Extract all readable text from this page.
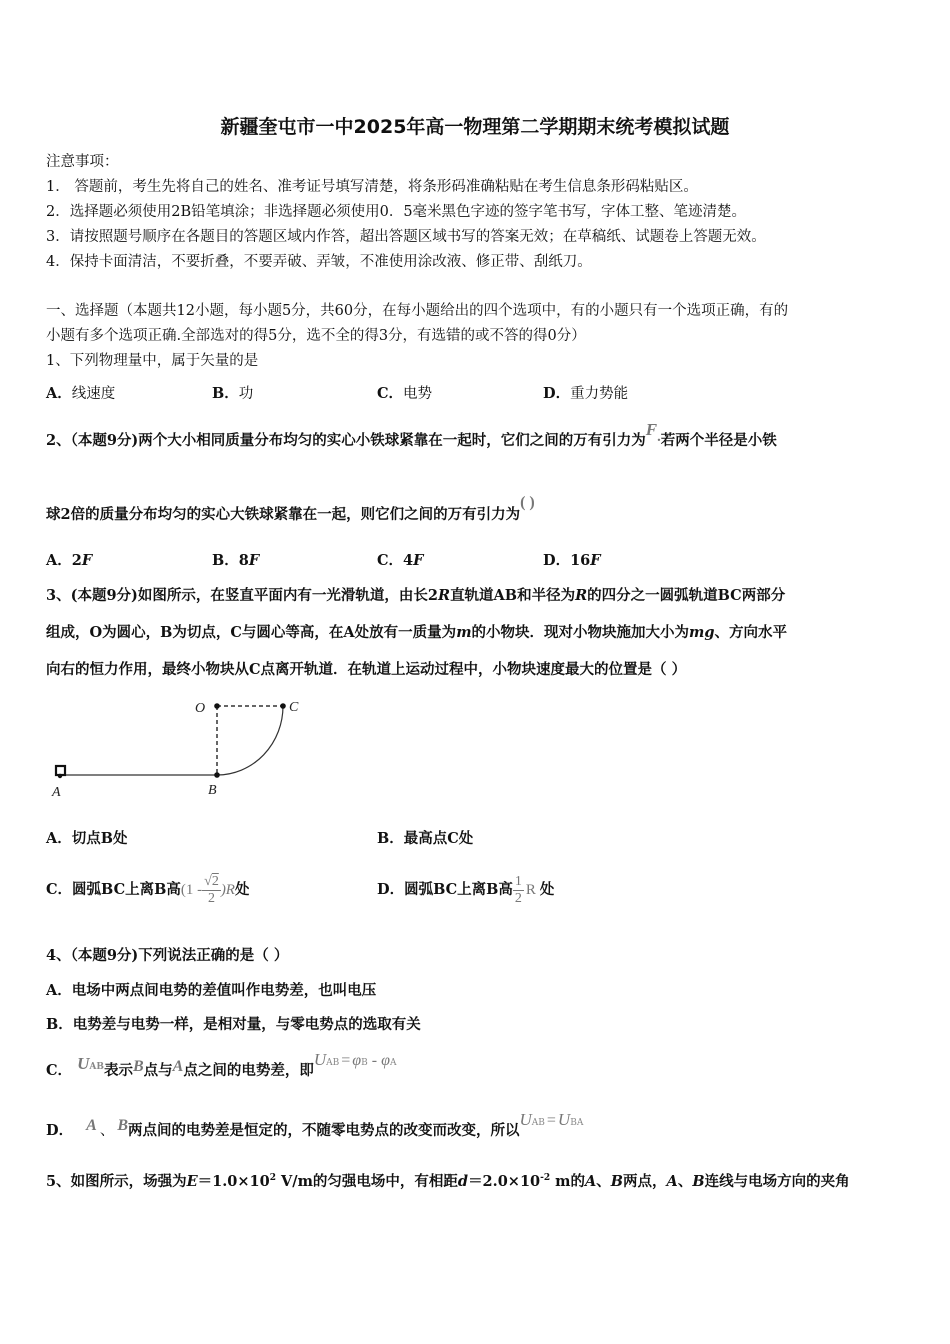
新疆奎屯市一中2025年高一物理第二学期期末统考模拟试题
注意事项：
1． 答题前，考生先将自己的姓名、准考证号填写清楚，将条形码准确粘贴在考生信息条形码粘贴区。
2．选择题必须使用2B铅笔填涂；非选择题必须使用0．5毫米黑色字迹的签字笔书写，字体工整、笔迹清楚。
3．请按照题号顺序在各题目的答题区域内作答，超出答题区域书写的答案无效；在草稿纸、试题卷上答题无效。
4．保持卡面清洁，不要折叠，不要弄破、弄皱，不准使用涂改液、修正带、刮纸刀。
一、选择题（本题共12小题，每小题5分，共60分，在每小题给出的四个选项中，有的小题只有一个选项正确，有的
小题有多个选项正确.全部选对的得5分，选不全的得3分，有选错的或不答的得0分）
1、下列物理量中，属于矢量的是
A．线速度	B．功	C．电势	D．重力势能
2、（本题9分)两个大小相同质量分布均匀的实心小铁球紧靠在一起时，它们之间的万有引力为F.若两个半径是小铁
球2倍的质量分布均匀的实心大铁球紧靠在一起，则它们之间的万有引力为( )
A．2F	B．8F	C．4F	D．16F
3、(本题9分)如图所示，在竖直平面内有一光滑轨道，由长2R直轨道AB和半径为R的四分之一圆弧轨道BC两部分
组成，O为圆心，B为切点，C与圆心等高，在A处放有一质量为m的小物块．现对小物块施加大小为mg、方向水平
向右的恒力作用，最终小物块从C点离开轨道．在轨道上运动过程中，小物块速度最大的位置是（ ）
O	C
A	B
A．切点B处	B．最高点C处
C．圆弧BC上离B高$(1 - \frac{√2}{2} )R$处	D．圆弧BC上离B高 $\frac{1}{2}$ R 处
4、（本题9分)下列说法正确的是（ ）
A．电场中两点间电势的差值叫作电势差，也叫电压
B．电势差与电势一样，是相对量，与零电势点的选取有关
C． $U^{AB}$表示B点与A点之间的电势差，即UAB = φB - φA
D． A 、 B两点间的电势差是恒定的，不随零电势点的改变而改变，所以UAB = UBA
5、如图所示，场强为$E=1.0\times 10^2$ V/m的匀强电场中，有相距$d=2.0\times 10^{-2}$ m的A、B两点，A、B连线与电场方向的夹角
